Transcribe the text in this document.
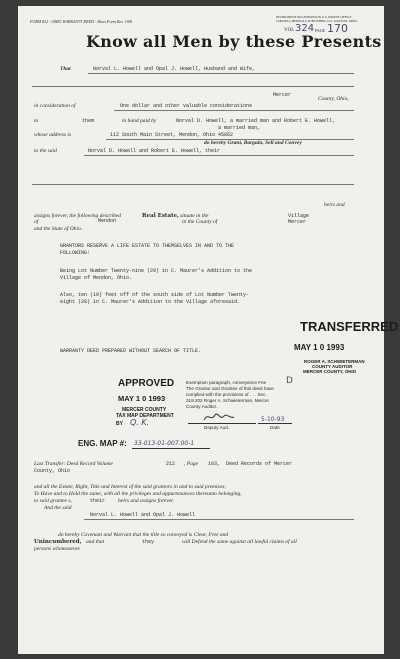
FORM 822 - OHIO WARRANTY DEED - Short Form Rev. 1991
INSTRUMENT REGISTERED IN U.S. PATENT OFFICE
CORNELL-HEIKKILA PUBLISHING CO., DAYTON, OHIO
VOL 324 PAGE 170
Know all Men by these Presents
That	Norval L. Howell and Opal J. Howell, Husband and Wife,
Mercer
County, Ohio,
in consideration of	One dollar and other valuable considerations
to	them	in hand paid by	Norval D. Howell, a married man and Robert E. Howell,
a married man,
whose address is	112 South Main Street, Mendon, Ohio 45862
do hereby Grant, Bargain, Sell and Convey
to the said	Norval D. Howell and Robert E. Howell, their
heirs and
assigns forever, the following described	Real Estate, situate in the	Village
of	Mendon	in the County of	Mercer
and the State of Ohio.
GRANTORS RESERVE A LIFE ESTATE TO THEMSELVES IN AND TO THE
FOLLOWING:
Being Lot Number Twenty-nine (29) in C. Maurer's Addition to the
Village of Mendon, Ohio.
Also, ten (10) feet off of the south side of Lot Number Twenty-
eight (28) in C. Maurer's Addition to the Village aforesaid.
TRANSFERRED
MAY 1 0 1993
ROGER A. SCHWIETERMAN
COUNTY AUDITOR
MERCER COUNTY, OHIO
WARRANTY DEED PREPARED WITHOUT SEARCH OF TITLE.
APPROVED
MAY 1 0 1993
MERCER COUNTY
TAX MAP DEPARTMENT
BY Q. K.
Exemption paragraph, conveyance Fee D
The Grantor and Grantee of this deed have
complied with the provisions of . . . Sec.
319.202 Roger A. Schwieterman, Mercer
County Auditor.
Deputy Aud.
5-10-93
Date
ENG. MAP #: 33-013-01-007.00-1
Last Transfer: Deed Record Volume	212 , Page 103, Deed Records of Mercer
County, Ohio
and all the Estate, Right, Title and Interest of the said grantors in and to said premises;
To Have and to Hold the same, with all the privileges and appurtenances thereunto belonging,
to said grantee s,	their heirs and assigns forever.
And the said
Norval L. Howell and Opal J. Howell
do hereby Covenant and Warrant that the title so conveyed is Clear, Free and
Unincumbered, and that	they	will Defend the same against all lawful claims of all
persons whomsoever.
